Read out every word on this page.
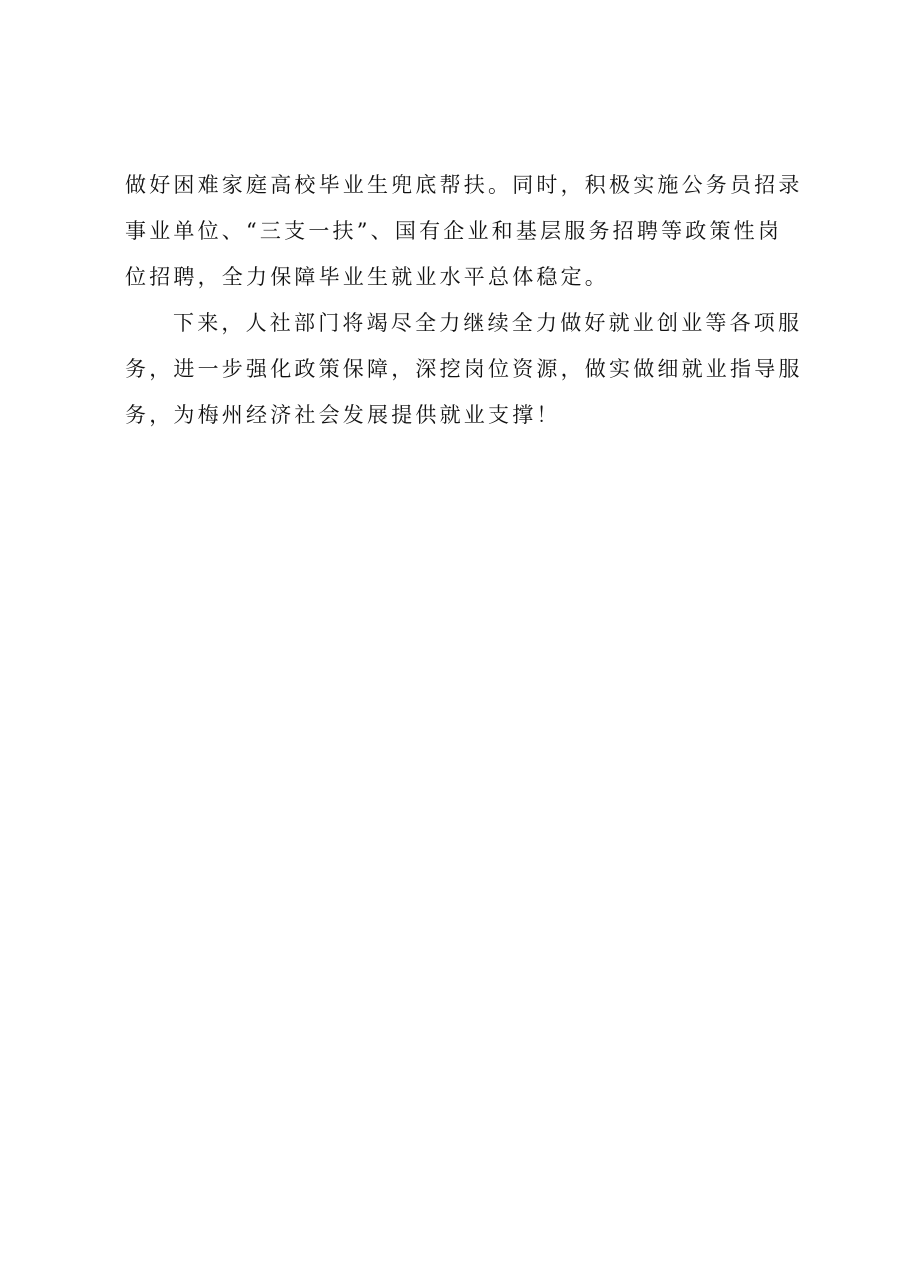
做好困难家庭高校毕业生兜底帮扶。同时，积极实施公务员招录
事业单位、“三支一扶”、国有企业和基层服务招聘等政策性岗
位招聘，全力保障毕业生就业水平总体稳定。
下来，人社部门将竭尽全力继续全力做好就业创业等各项服
务，进一步强化政策保障，深挖岗位资源，做实做细就业指导服
务，为梅州经济社会发展提供就业支撑！
